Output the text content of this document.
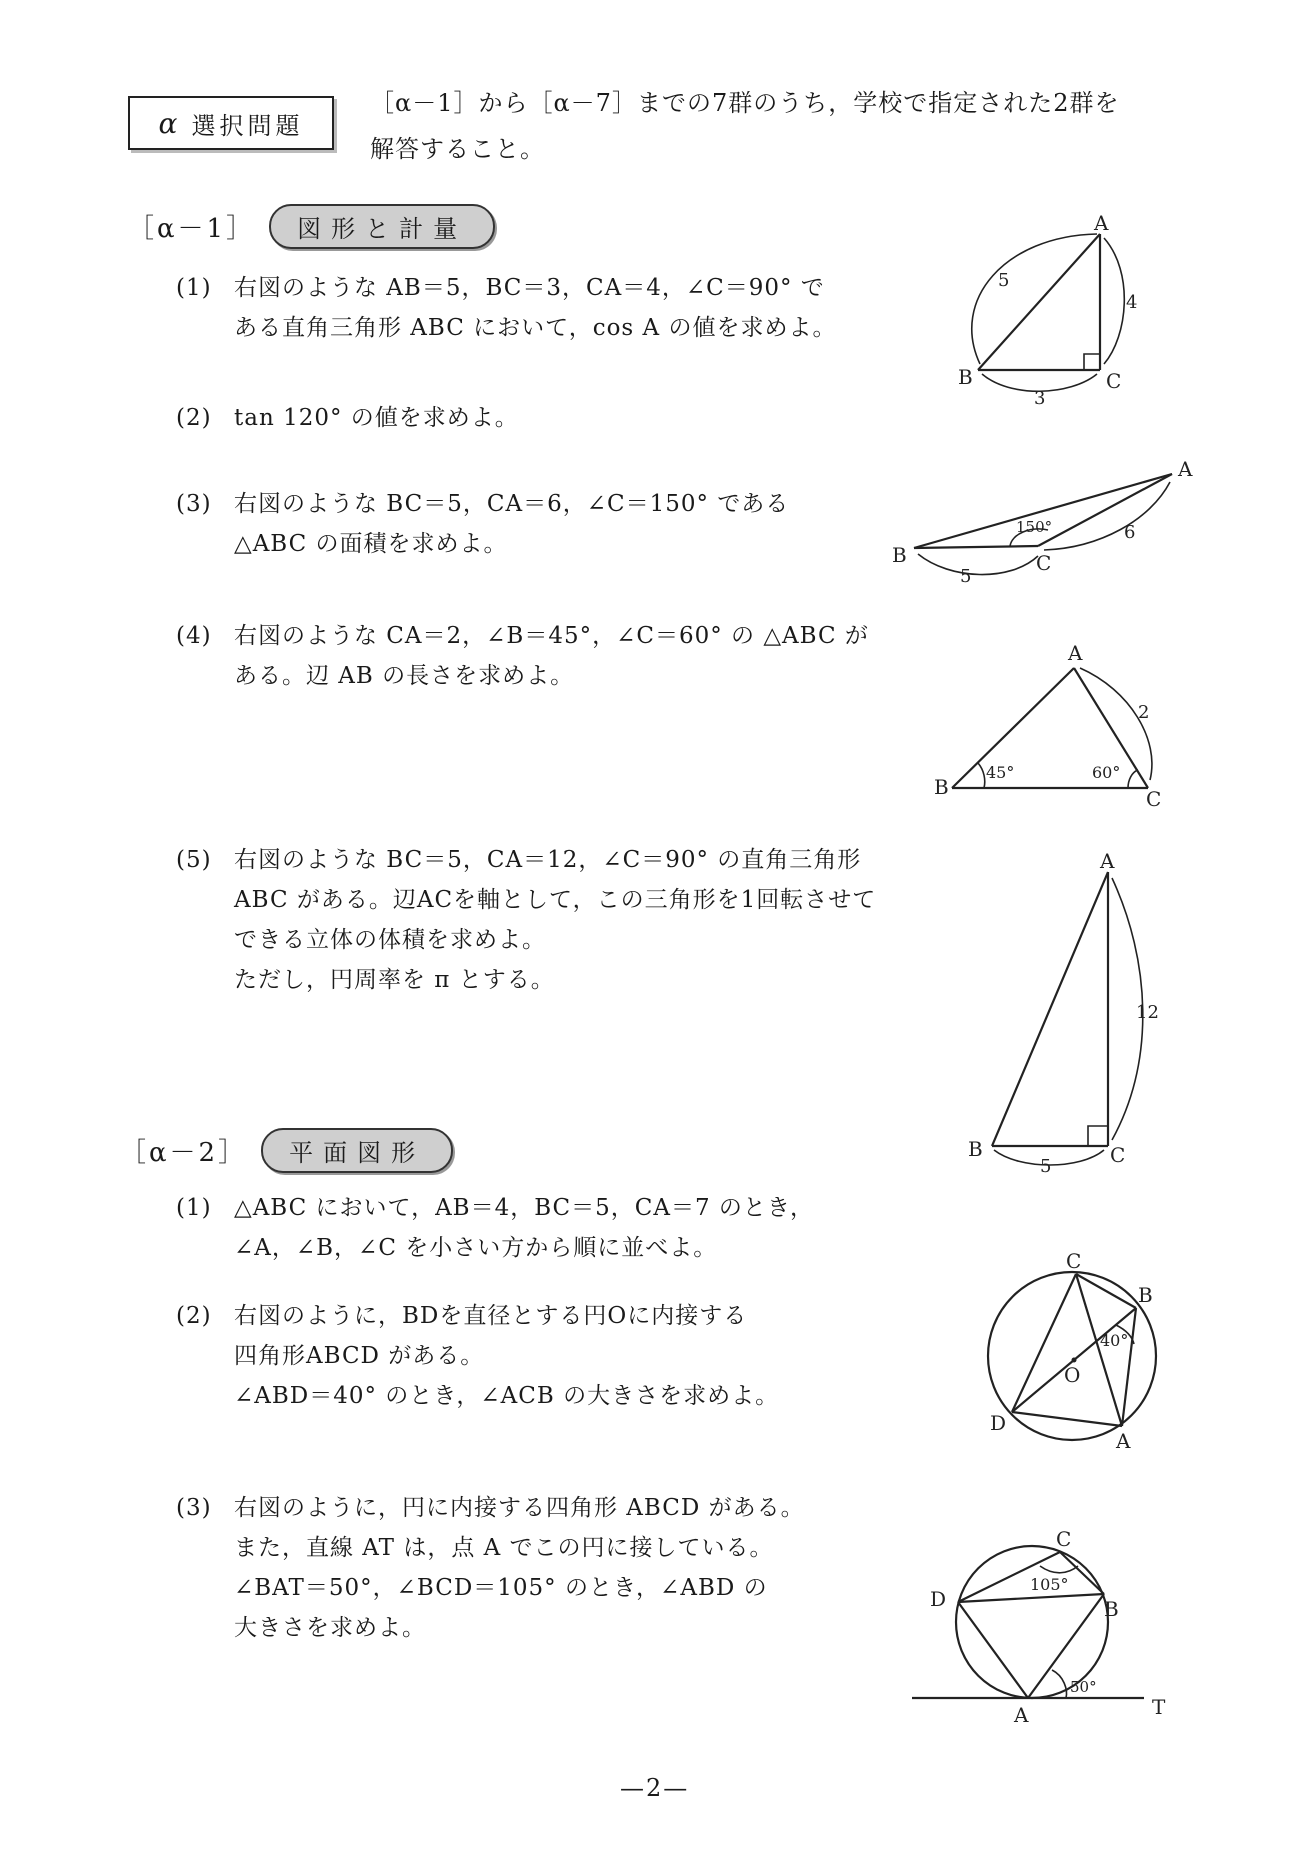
α 選択問題
［α－1］から［α－7］までの7群のうち，学校で指定された2群を
解答すること。
［α－1］	図形と計量
(1) 右図のような AB＝5，BC＝3，CA＝4，∠C＝90° で
ある直角三角形 ABC において，cos A の値を求めよ。
(2) tan 120° の値を求めよ。
(3) 右図のような BC＝5，CA＝6，∠C＝150° である
△ABC の面積を求めよ。
(4) 右図のような CA＝2，∠B＝45°，∠C＝60° の △ABC が
ある。辺 AB の長さを求めよ。
(5) 右図のような BC＝5，CA＝12，∠C＝90° の直角三角形
ABC がある。辺ACを軸として，この三角形を1回転させて
できる立体の体積を求めよ。
ただし，円周率を π とする。
［α－2］	平面図形
(1) △ABC において，AB＝4，BC＝5，CA＝7 のとき，
∠A，∠B，∠C を小さい方から順に並べよ。
(2) 右図のように，BDを直径とする円Oに内接する
四角形ABCD がある。
∠ABD＝40° のとき，∠ACB の大きさを求めよ。
(3) 右図のように，円に内接する四角形 ABCD がある。
また，直線 AT は，点 A でこの円に接している。
∠BAT＝50°，∠BCD＝105° のとき，∠ABD の
大きさを求めよ。
A
B	C
5
4
3
A
B	C
150°
5
6
A
B	C
45°	60°
2
A
B	C
12
5
C
B
D
A
O
40°
C
B
D
A	T
105°
50°
—2—
